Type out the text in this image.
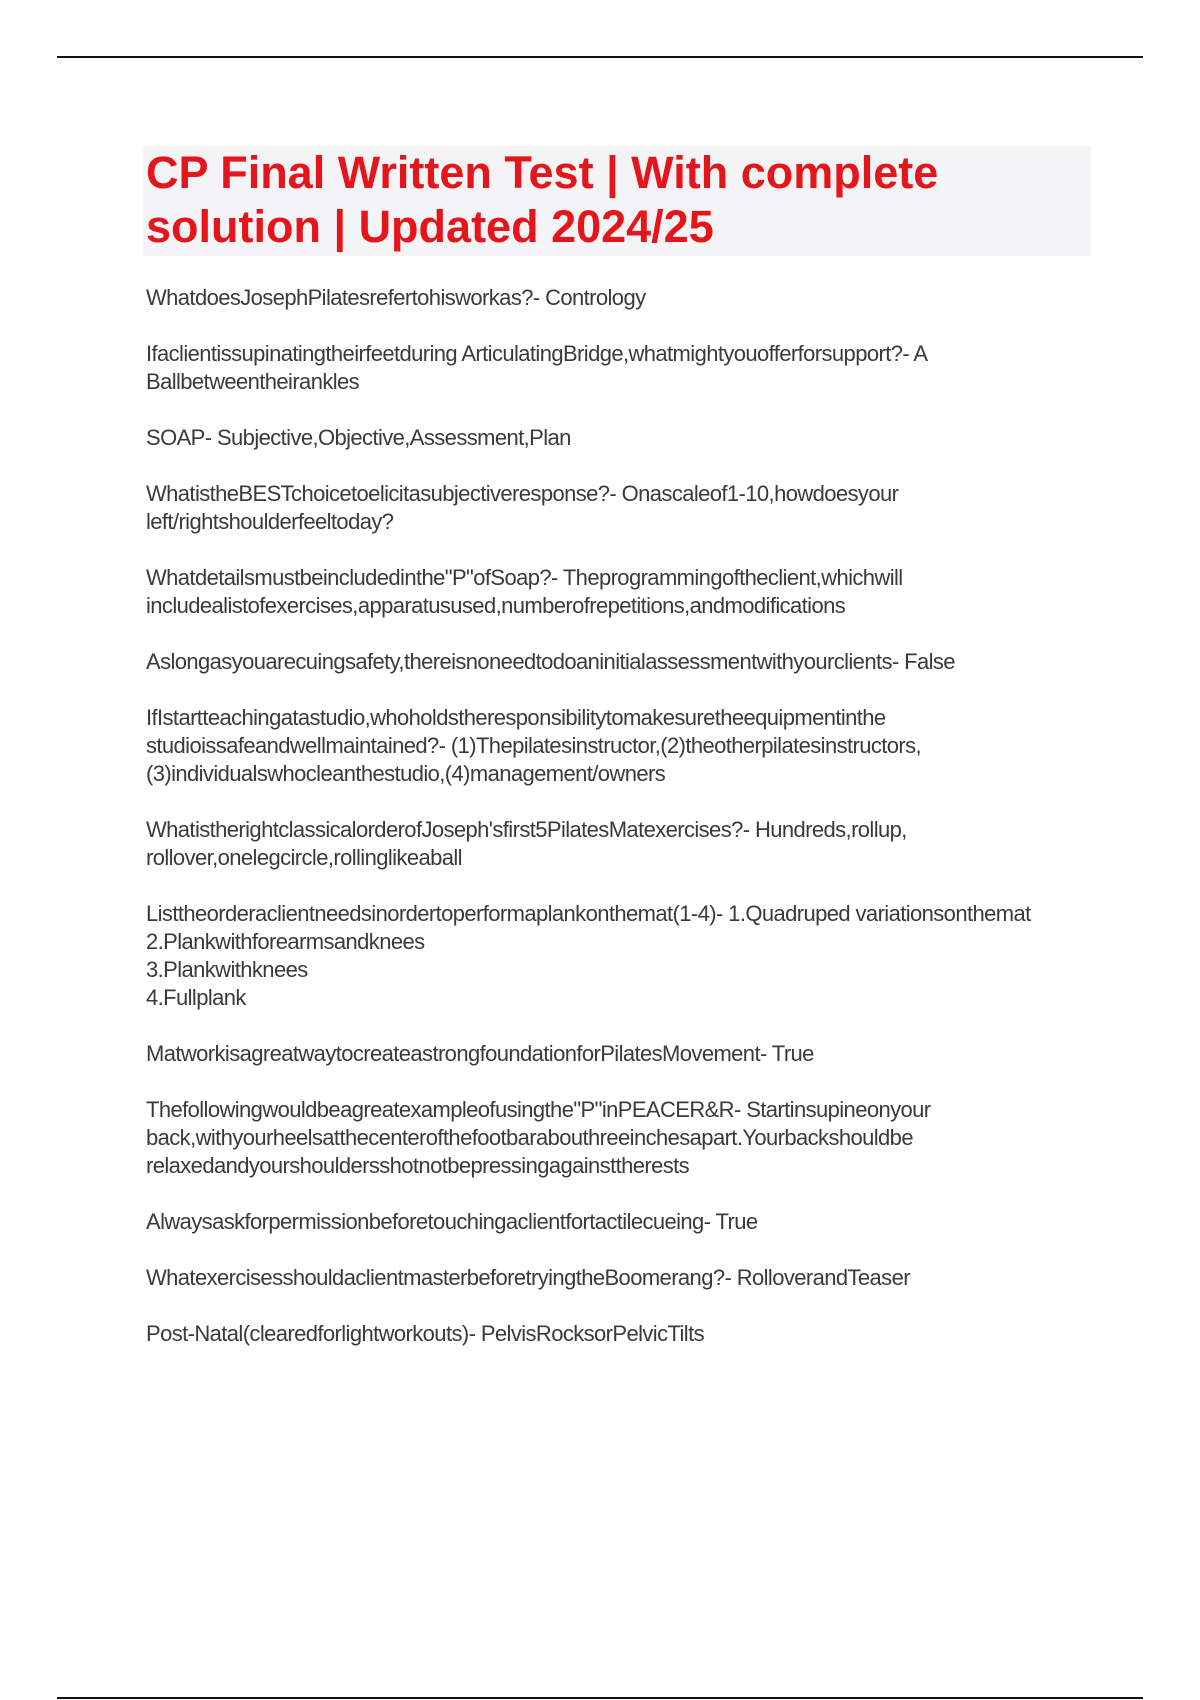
CP Final Written Test | With complete solution | Updated 2024/25

WhatdoesJosephPilatesrefertohisworkas?- Contrology

Ifaclientissupinatingtheirfeetduring ArticulatingBridge,whatmightyouofferforsupport?- A Ballbetweentheirankles

SOAP- Subjective,Objective,Assessment,Plan

WhatistheBESTchoicetoelicitasubjectiveresponse?- Onascaleof1-10,howdoesyour left/rightshoulderfeeltoday?

Whatdetailsmustbeincludedinthe"P"ofSoap?- Theprogrammingoftheclient,whichwill includealistofexercises,apparatusused,numberofrepetitions,andmodifications

Aslongasyouarecuingsafety,thereisnoneedtodoaninitialassessmentwithyourclients- False

IfIstartteachingatastudio,whoholdstheresponsibilitytomakesuretheequipmentinthe studioissafeandwellmaintained?- (1)Thepilatesinstructor,(2)theotherpilatesinstructors, (3)individualswhocleanthestudio,(4)management/owners

WhatistherightclassicalorderofJoseph'sfirst5PilatesMatexercises?- Hundreds,rollup, rollover,onelegcircle,rollinglikeaball

Listtheorderaclientneedsinordertoperformaplankonthemat(1-4)- 1.Quadruped variationsonthemat
2.Plankwithforearmsandknees
3.Plankwithknees
4.Fullplank

MatworkisagreatwaytocreateastrongfoundationforPilatesMovement- True

Thefollowingwouldbeagreatexampleofusingthe"P"inPEACER&R- Startinsupineonyour back,withyourheelsatthecenterofthefootbarabouthreeinchesapart.Yourbackshouldbe relaxedandyourshouldersshotnotbepressingagainsttherests

Alwaysaskforpermissionbeforetouchingaclientfortactilecueing- True

WhatexercisesshouldaclientmasterbeforetryingtheBoomerang?- RolloverandTeaser

Post-Natal(clearedforlightworkouts)- PelvisRocksorPelvicTilts
